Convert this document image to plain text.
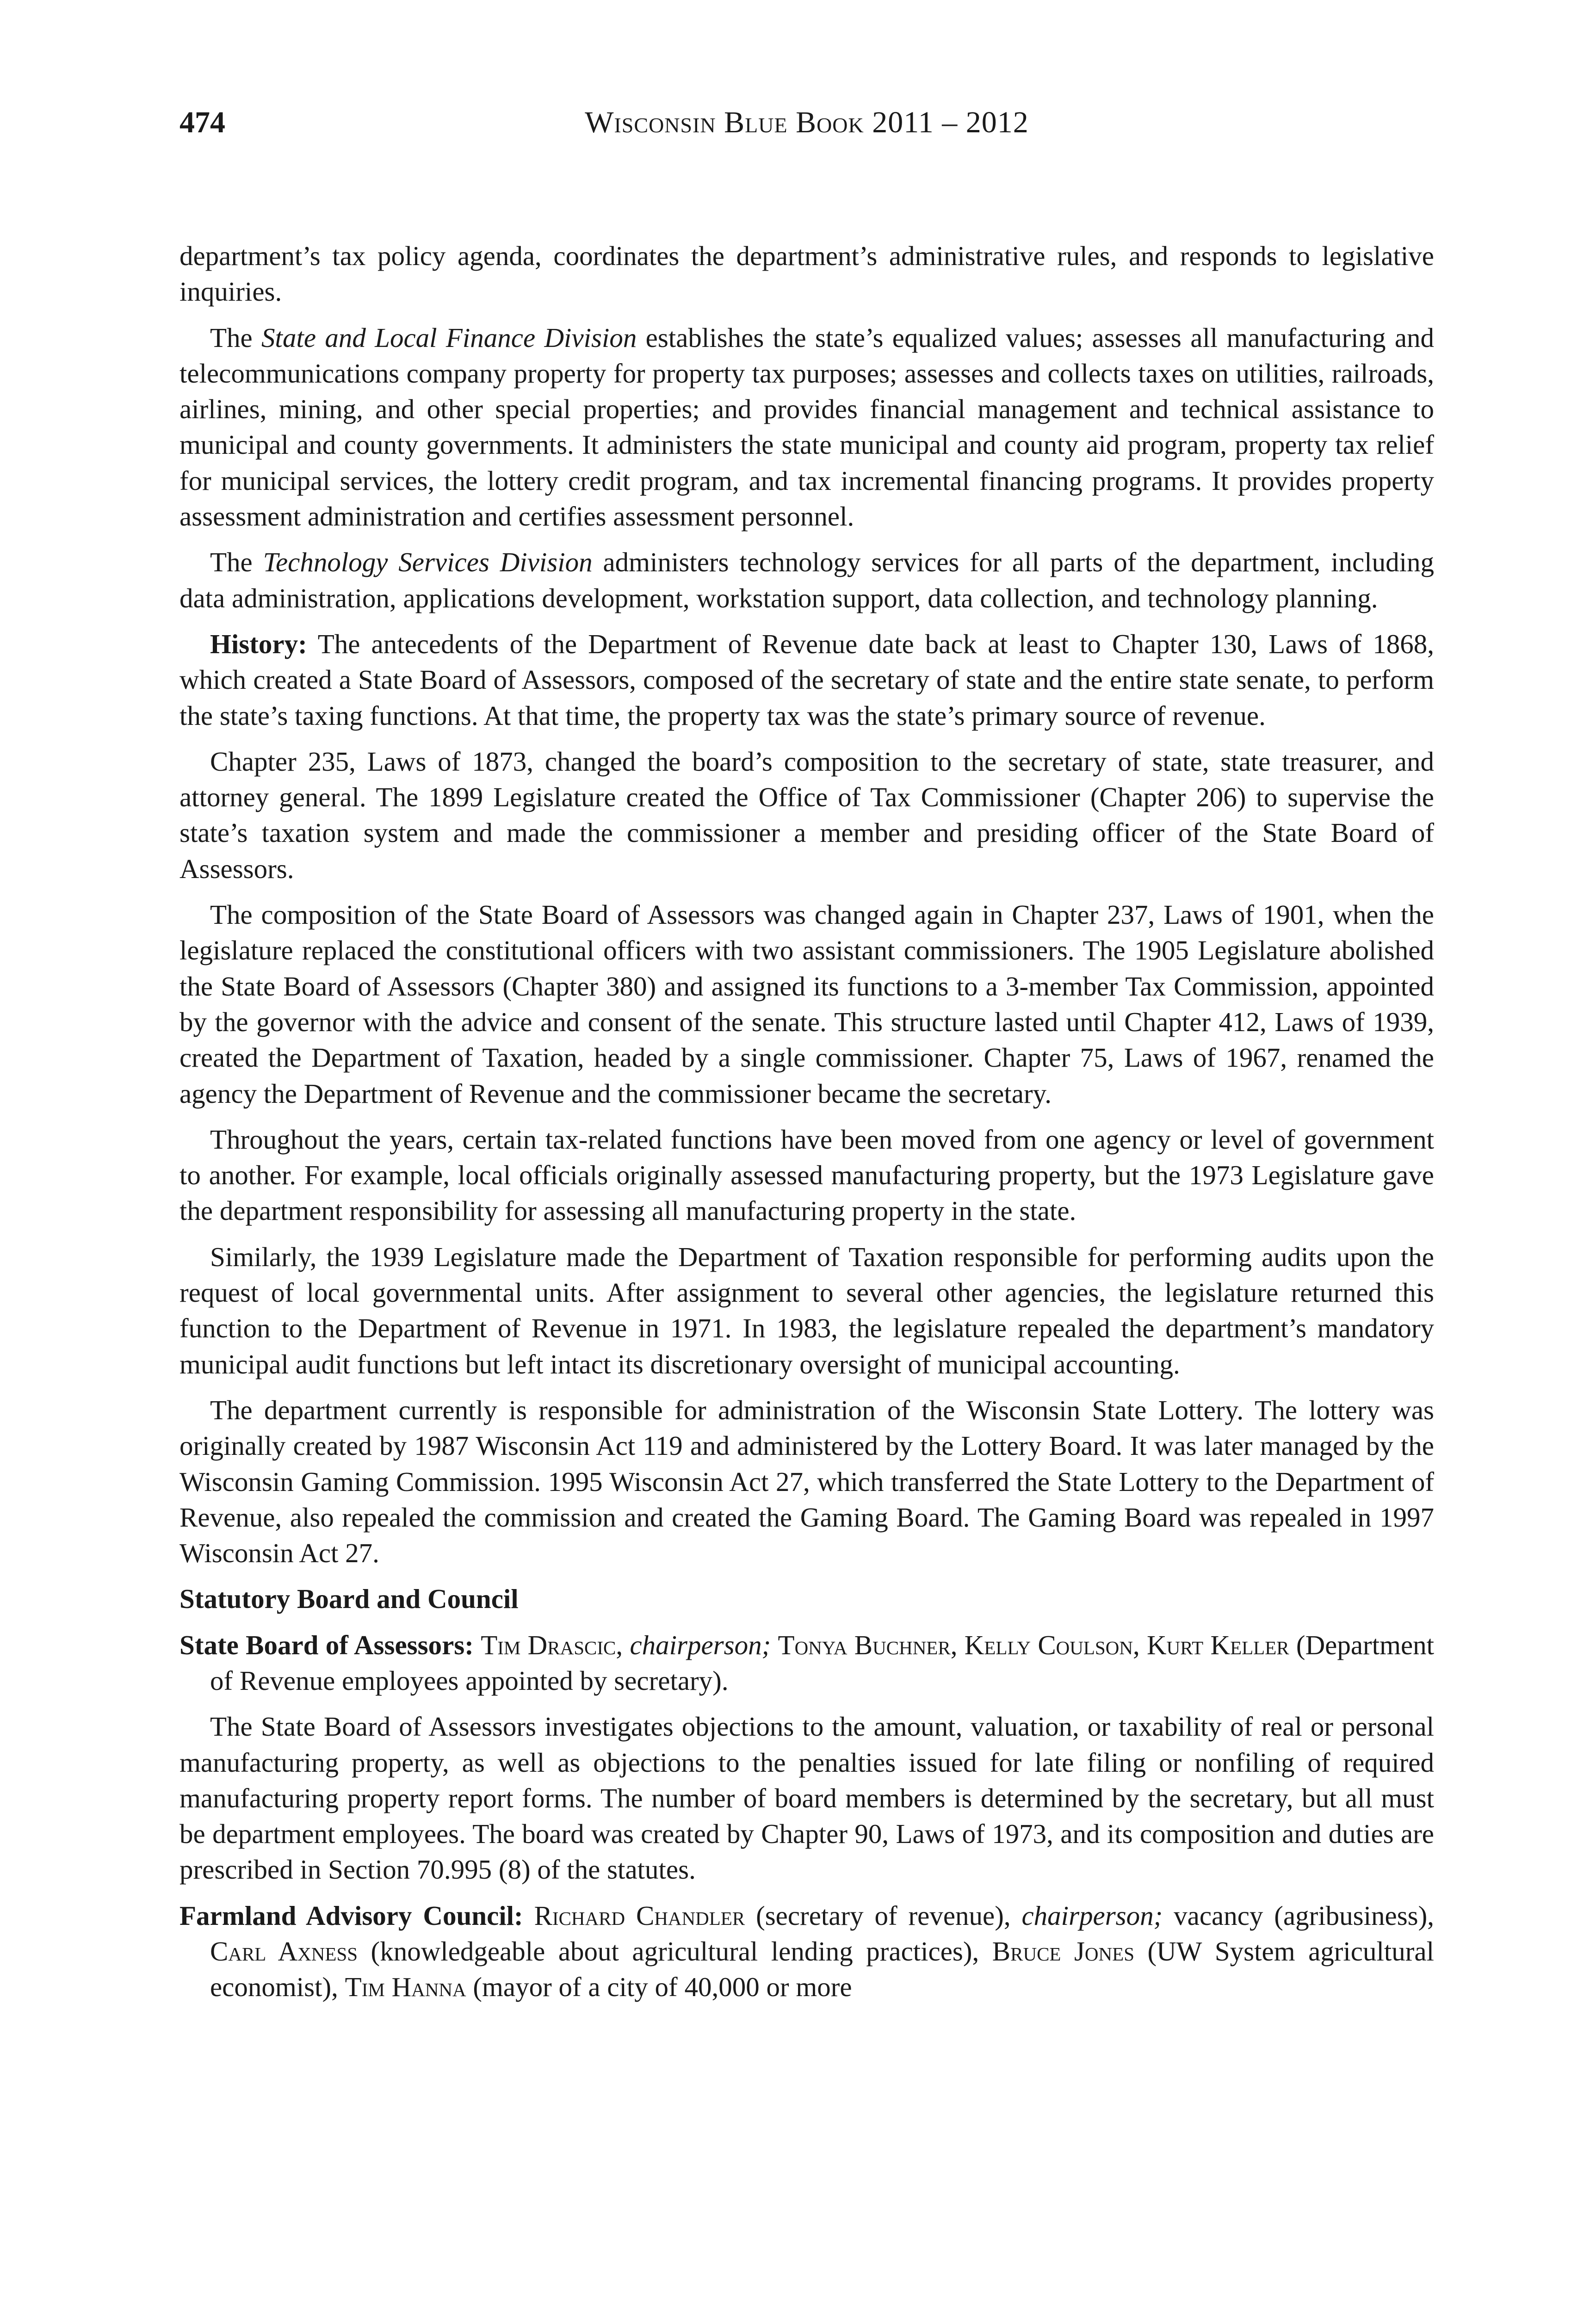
474	Wisconsin Blue Book 2011 – 2012

department’s tax policy agenda, coordinates the department’s administrative rules, and responds to legislative inquiries.

The State and Local Finance Division establishes the state’s equalized values; assesses all manufacturing and telecommunications company property for property tax purposes; assesses and collects taxes on utilities, railroads, airlines, mining, and other special properties; and provides financial management and technical assistance to municipal and county governments. It administers the state municipal and county aid program, property tax relief for municipal services, the lottery credit program, and tax incremental financing programs. It provides property assessment administration and certifies assessment personnel.

The Technology Services Division administers technology services for all parts of the department, including data administration, applications development, workstation support, data collection, and technology planning.

History: The antecedents of the Department of Revenue date back at least to Chapter 130, Laws of 1868, which created a State Board of Assessors, composed of the secretary of state and the entire state senate, to perform the state’s taxing functions. At that time, the property tax was the state’s primary source of revenue.

Chapter 235, Laws of 1873, changed the board’s composition to the secretary of state, state treasurer, and attorney general. The 1899 Legislature created the Office of Tax Commissioner (Chapter 206) to supervise the state’s taxation system and made the commissioner a member and presiding officer of the State Board of Assessors.

The composition of the State Board of Assessors was changed again in Chapter 237, Laws of 1901, when the legislature replaced the constitutional officers with two assistant commissioners. The 1905 Legislature abolished the State Board of Assessors (Chapter 380) and assigned its functions to a 3-member Tax Commission, appointed by the governor with the advice and consent of the senate. This structure lasted until Chapter 412, Laws of 1939, created the Department of Taxation, headed by a single commissioner. Chapter 75, Laws of 1967, renamed the agency the Department of Revenue and the commissioner became the secretary.

Throughout the years, certain tax-related functions have been moved from one agency or level of government to another. For example, local officials originally assessed manufacturing property, but the 1973 Legislature gave the department responsibility for assessing all manufacturing property in the state.

Similarly, the 1939 Legislature made the Department of Taxation responsible for performing audits upon the request of local governmental units. After assignment to several other agencies, the legislature returned this function to the Department of Revenue in 1971. In 1983, the legislature repealed the department’s mandatory municipal audit functions but left intact its discretionary oversight of municipal accounting.

The department currently is responsible for administration of the Wisconsin State Lottery. The lottery was originally created by 1987 Wisconsin Act 119 and administered by the Lottery Board. It was later managed by the Wisconsin Gaming Commission. 1995 Wisconsin Act 27, which transferred the State Lottery to the Department of Revenue, also repealed the commission and created the Gaming Board. The Gaming Board was repealed in 1997 Wisconsin Act 27.

Statutory Board and Council

State Board of Assessors: Tim Drascic, chairperson; Tonya Buchner, Kelly Coulson, Kurt Keller (Department of Revenue employees appointed by secretary).

The State Board of Assessors investigates objections to the amount, valuation, or taxability of real or personal manufacturing property, as well as objections to the penalties issued for late filing or nonfiling of required manufacturing property report forms. The number of board members is determined by the secretary, but all must be department employees. The board was created by Chapter 90, Laws of 1973, and its composition and duties are prescribed in Section 70.995 (8) of the statutes.

Farmland Advisory Council: Richard Chandler (secretary of revenue), chairperson; vacancy (agribusiness), Carl Axness (knowledgeable about agricultural lending practices), Bruce Jones (UW System agricultural economist), Tim Hanna (mayor of a city of 40,000 or more
